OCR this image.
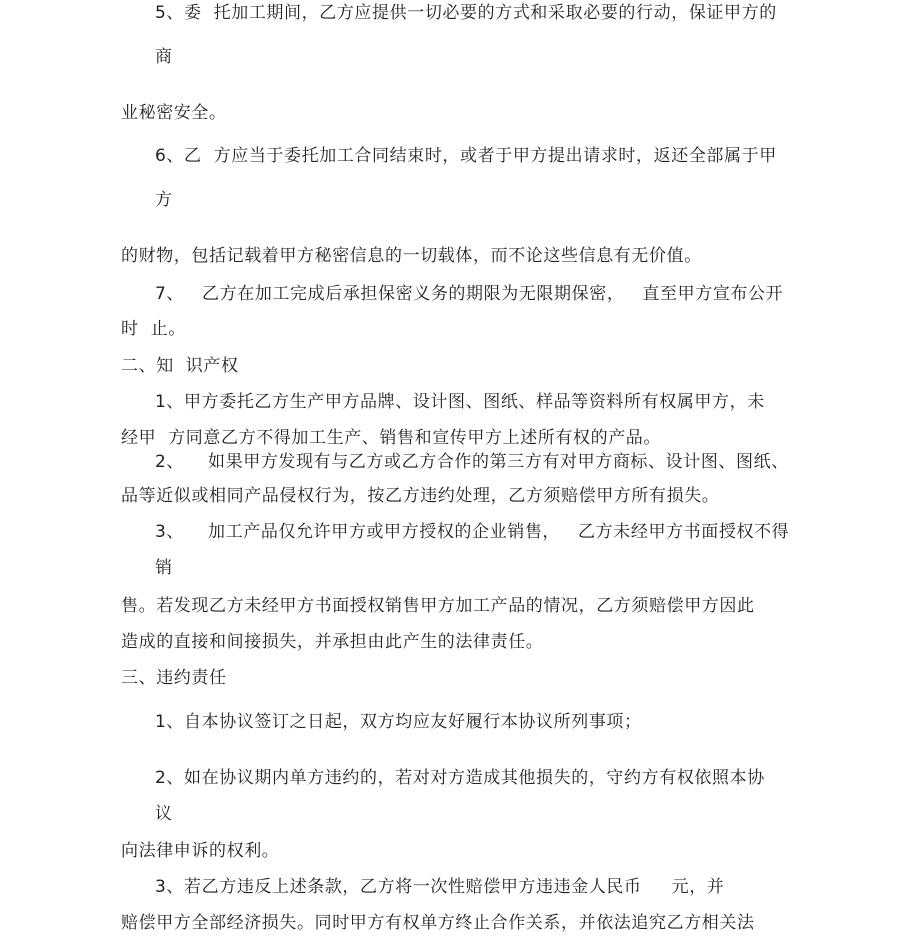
5、委  托加工期间，乙方应提供一切必要的方式和采取必要的行动，保证甲方的
商
业秘密安全。
6、乙  方应当于委托加工合同结束时，或者于甲方提出请求时，返还全部属于甲
方
的财物，包括记载着甲方秘密信息的一切载体，而不论这些信息有无价值。
7、   乙方在加工完成后承担保密义务的期限为无限期保密，   直至甲方宣布公开
时  止。
二、知  识产权
1、甲方委托乙方生产甲方品牌、设计图、图纸、样品等资料所有权属甲方，未
经甲  方同意乙方不得加工生产、销售和宣传甲方上述所有权的产品。
2、    如果甲方发现有与乙方或乙方合作的第三方有对甲方商标、设计图、图纸、
品等近似或相同产品侵权行为，按乙方违约处理，乙方须赔偿甲方所有损失。
3、    加工产品仅允许甲方或甲方授权的企业销售，   乙方未经甲方书面授权不得
销
售。若发现乙方未经甲方书面授权销售甲方加工产品的情况，乙方须赔偿甲方因此
造成的直接和间接损失，并承担由此产生的法律责任。
三、违约责任
1、自本协议签订之日起，双方均应友好履行本协议所列事项；
2、如在协议期内单方违约的，若对对方造成其他损失的，守约方有权依照本协
议
向法律申诉的权利。
3、若乙方违反上述条款，乙方将一次性赔偿甲方违违金人民币     元，并
赔偿甲方全部经济损失。同时甲方有权单方终止合作关系，并依法追究乙方相关法
